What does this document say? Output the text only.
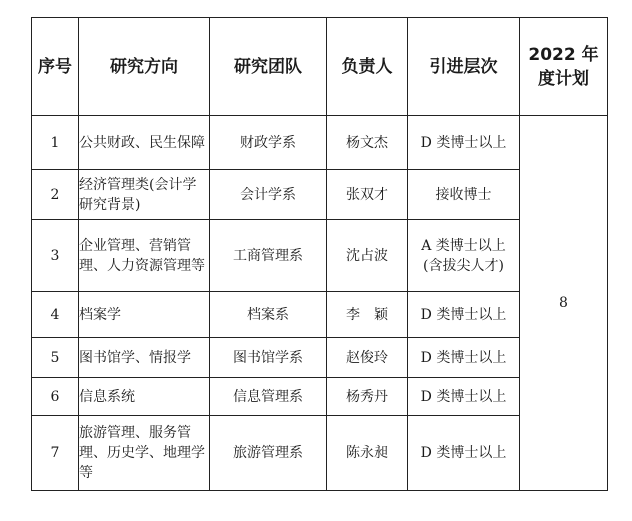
序号	研究方向	研究团队	负责人	引进层次	2022 年
度计划

1	公共财政、民生保障	财政学系	杨文杰	D 类博士以上	8
2	经济管理类(会计学研究背景)	会计学系	张双才	接收博士	
3	企业管理、营销管理、人力资源管理等	工商管理系	沈占波	A 类博士以上
(含拔尖人才)	

4	档案学	档案系	李　颖	D 类博士以上	
5	图书馆学、情报学	图书馆学系	赵俊玲	D 类博士以上	
6	信息系统	信息管理系	杨秀丹	D 类博士以上	
7	旅游管理、服务管理、历史学、地理学等	旅游管理系	陈永昶	D 类博士以上	
